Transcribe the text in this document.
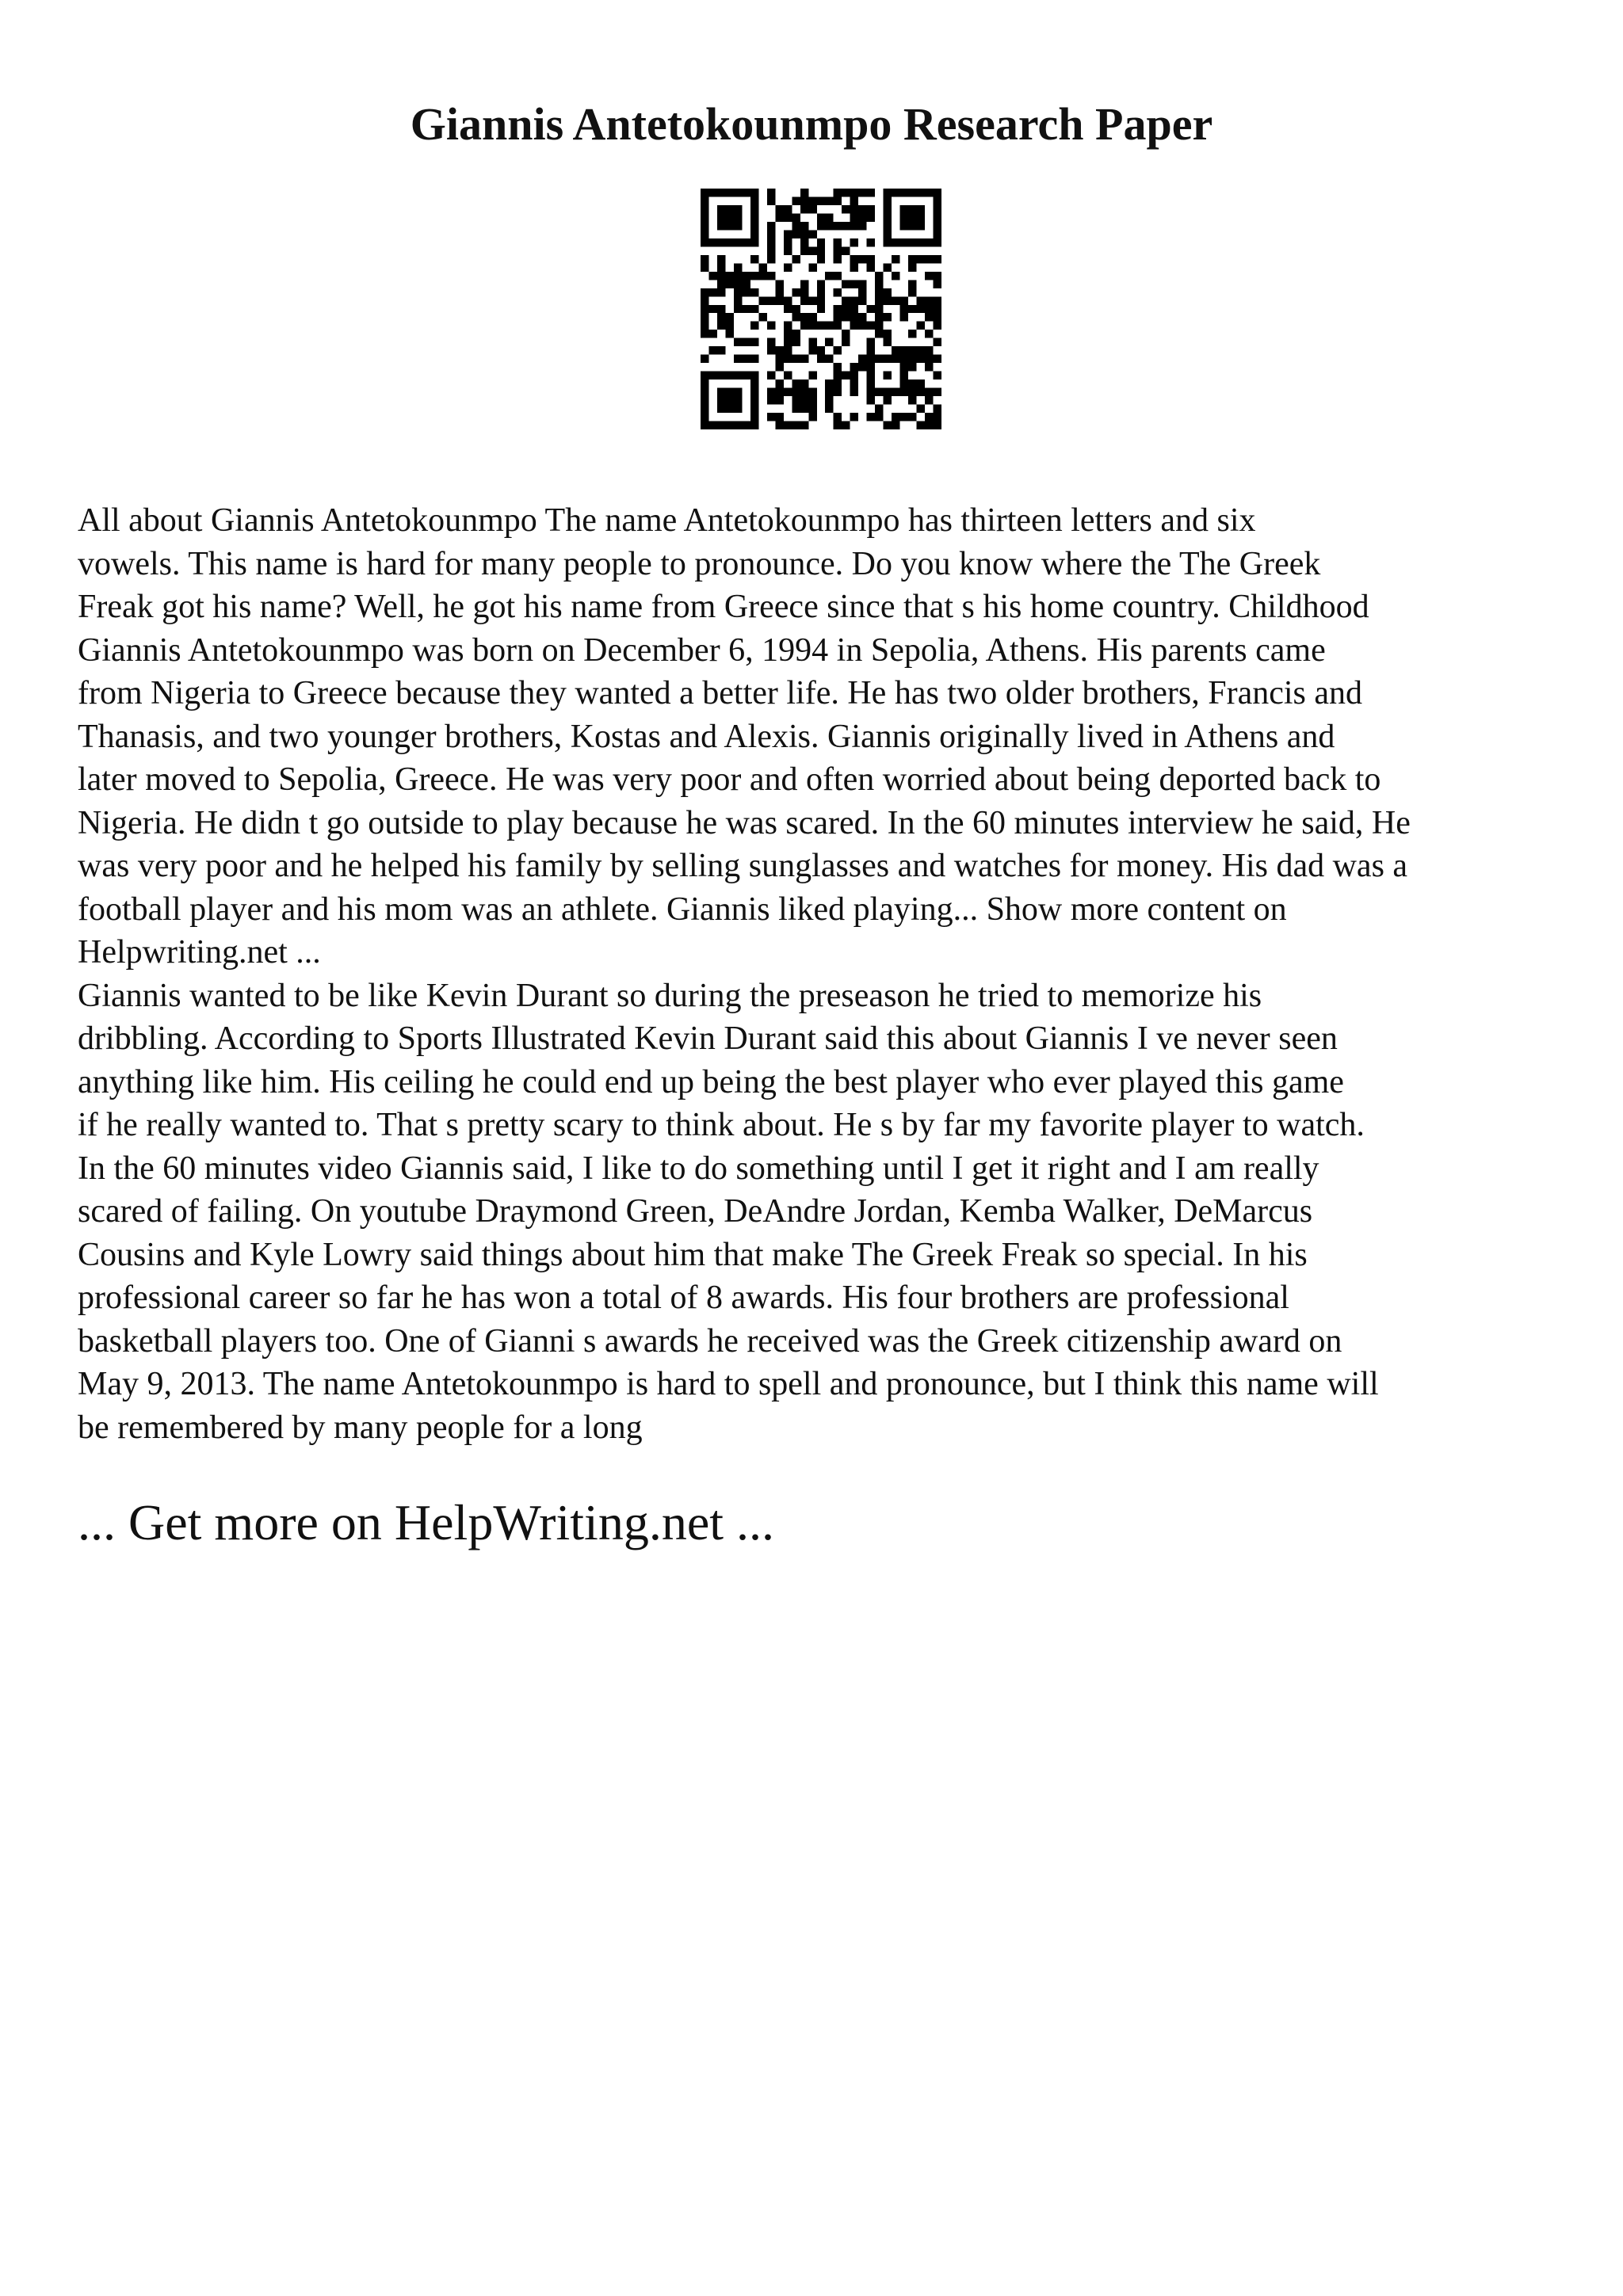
Giannis Antetokounmpo Research Paper
All about Giannis Antetokounmpo The name Antetokounmpo has thirteen letters and six
vowels. This name is hard for many people to pronounce. Do you know where the The Greek
Freak got his name? Well, he got his name from Greece since that s his home country. Childhood
Giannis Antetokounmpo was born on December 6, 1994 in Sepolia, Athens. His parents came
from Nigeria to Greece because they wanted a better life. He has two older brothers, Francis and
Thanasis, and two younger brothers, Kostas and Alexis. Giannis originally lived in Athens and
later moved to Sepolia, Greece. He was very poor and often worried about being deported back to
Nigeria. He didn t go outside to play because he was scared. In the 60 minutes interview he said, He
was very poor and he helped his family by selling sunglasses and watches for money. His dad was a
football player and his mom was an athlete. Giannis liked playing... Show more content on
Helpwriting.net ...
Giannis wanted to be like Kevin Durant so during the preseason he tried to memorize his
dribbling. According to Sports Illustrated Kevin Durant said this about Giannis I ve never seen
anything like him. His ceiling he could end up being the best player who ever played this game
if he really wanted to. That s pretty scary to think about. He s by far my favorite player to watch.
In the 60 minutes video Giannis said, I like to do something until I get it right and I am really
scared of failing. On youtube Draymond Green, DeAndre Jordan, Kemba Walker, DeMarcus
Cousins and Kyle Lowry said things about him that make The Greek Freak so special. In his
professional career so far he has won a total of 8 awards. His four brothers are professional
basketball players too. One of Gianni s awards he received was the Greek citizenship award on
May 9, 2013. The name Antetokounmpo is hard to spell and pronounce, but I think this name will
be remembered by many people for a long
... Get more on HelpWriting.net ...
